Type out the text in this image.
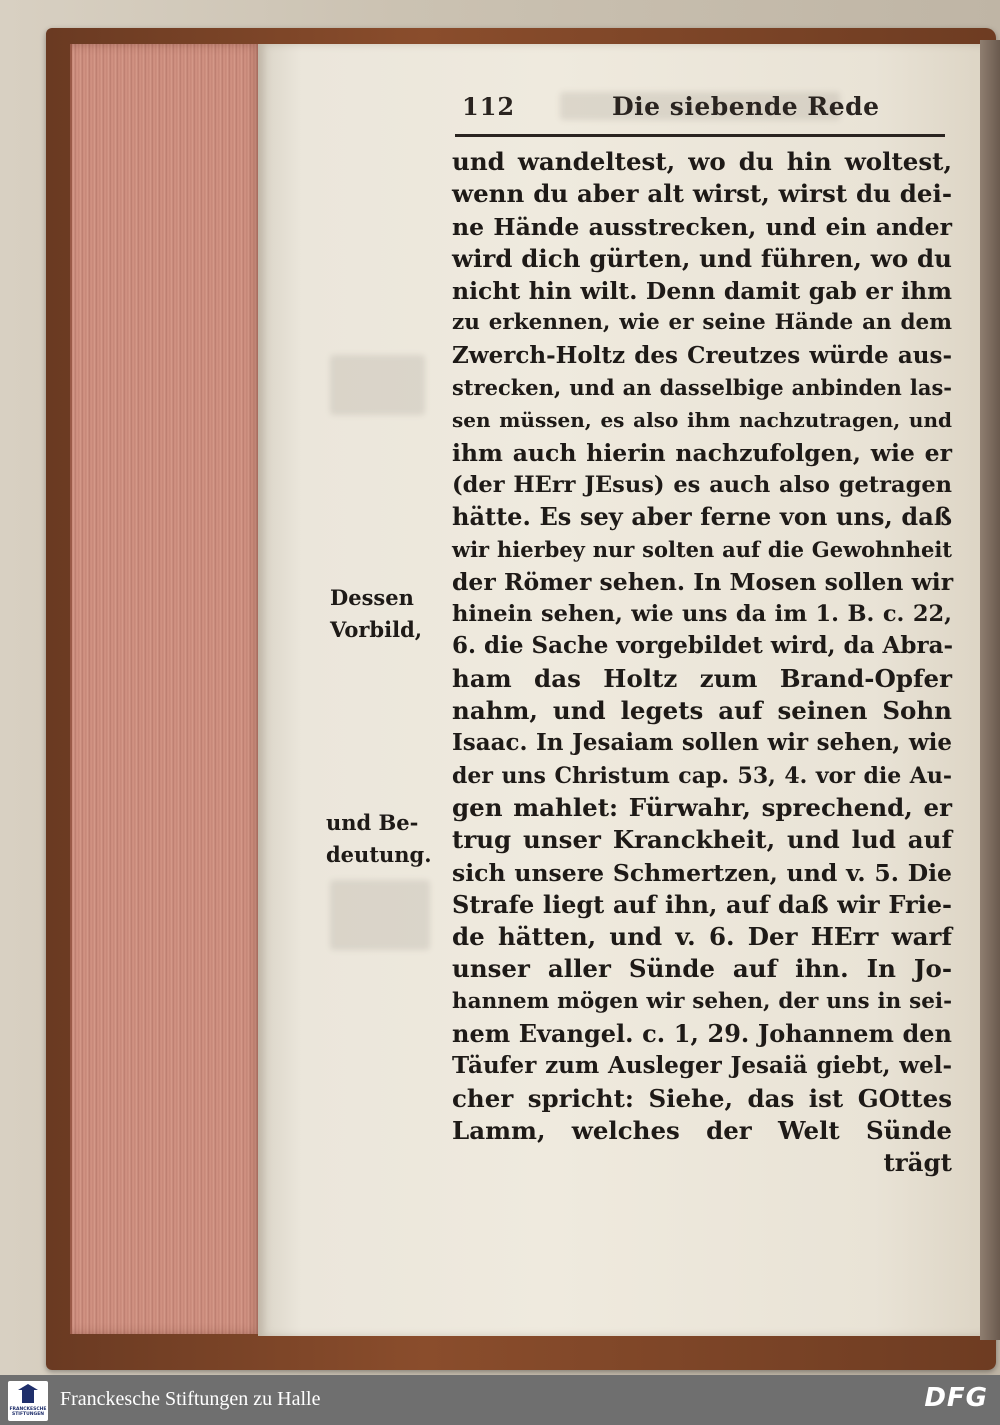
112	Die siebende Rede
und wandeltest, wo du hin woltest,
wenn du aber alt wirst, wirst du dei-
ne Hände ausstrecken, und ein ander
wird dich gürten, und führen, wo du
nicht hin wilt. Denn damit gab er ihm
zu erkennen, wie er seine Hände an dem
Zwerch-Holtz des Creutzes würde aus-
strecken, und an dasselbige anbinden las-
sen müssen, es also ihm nachzutragen, und
ihm auch hierin nachzufolgen, wie er
(der HErr JEsus) es auch also getragen
hätte. Es sey aber ferne von uns, daß
wir hierbey nur solten auf die Gewohnheit
der Römer sehen. In Mosen sollen wir
hinein sehen, wie uns da im 1. B. c. 22,
6. die Sache vorgebildet wird, da Abra-
ham das Holtz zum Brand-Opfer
nahm, und legets auf seinen Sohn
Isaac. In Jesaiam sollen wir sehen, wie
der uns Christum cap. 53, 4. vor die Au-
gen mahlet: Fürwahr, sprechend, er
trug unser Kranckheit, und lud auf
sich unsere Schmertzen, und v. 5. Die
Strafe liegt auf ihn, auf daß wir Frie-
de hätten, und v. 6. Der HErr warf
unser aller Sünde auf ihn. In Jo-
hannem mögen wir sehen, der uns in sei-
nem Evangel. c. 1, 29. Johannem den
Täufer zum Ausleger Jesaiä giebt, wel-
cher spricht: Siehe, das ist GOttes
Lamm, welches der Welt Sünde
trägt
Dessen
Vorbild,
und Be-
deutung.
FRANCKESCHE STIFTUNGEN
Franckesche Stiftungen zu Halle	DFG
